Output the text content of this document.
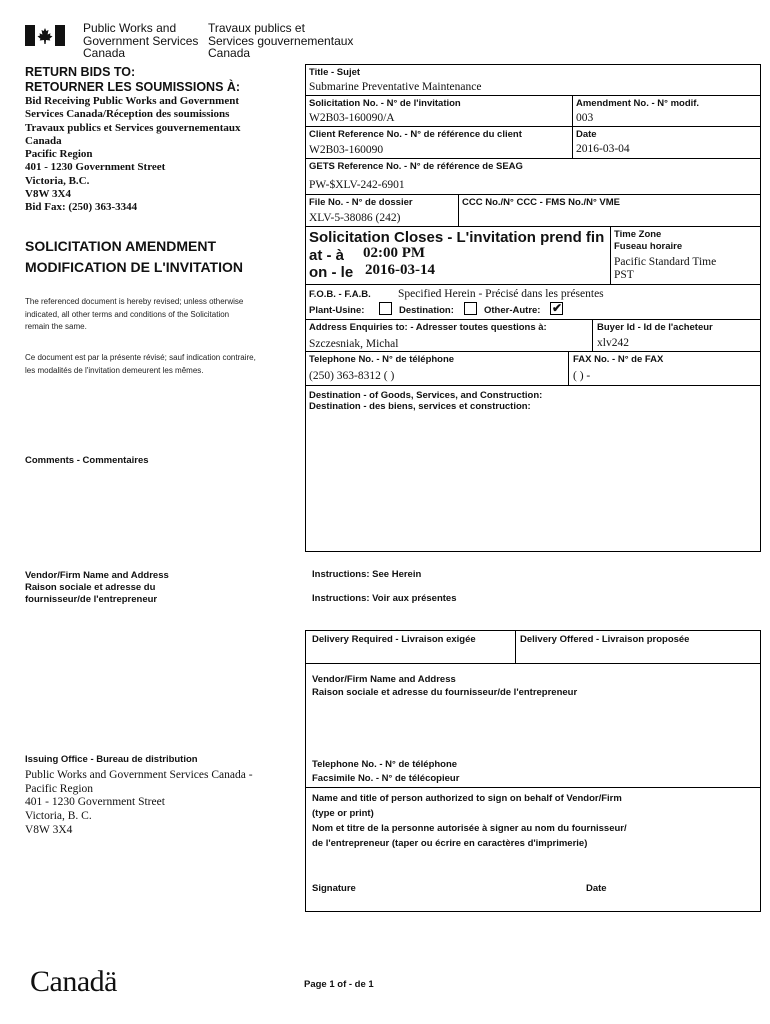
Public Works and
Government Services
Canada
Travaux publics et
Services gouvernementaux
Canada
RETURN BIDS TO:
RETOURNER LES SOUMISSIONS À:
Bid Receiving Public Works and Government
Services Canada/Réception des soumissions
Travaux publics et Services gouvernementaux
Canada
Pacific Region
401 - 1230 Government Street
Victoria, B.C.
V8W 3X4
Bid Fax: (250) 363-3344
SOLICITATION AMENDMENT
MODIFICATION DE L'INVITATION
The referenced document is hereby revised; unless otherwise
indicated, all other terms and conditions of the Solicitation
remain the same.
Ce document est par la présente révisé; sauf indication contraire,
les modalités de l'invitation demeurent les mêmes.
Comments - Commentaires
Vendor/Firm Name and Address
Raison sociale et adresse du
fournisseur/de l'entrepreneur
Issuing Office - Bureau de distribution
Public Works and Government Services Canada -
Pacific Region
401 - 1230 Government Street
Victoria, B. C.
V8W 3X4
Title - Sujet
Submarine Preventative Maintenance
Solicitation No. - N° de l'invitation
W2B03-160090/A
Amendment No. - N° modif.
003
Client Reference No. - N° de référence du client
W2B03-160090
Date
2016-03-04
GETS Reference No. - N° de référence de SEAG
PW-$XLV-242-6901
File No. - N° de dossier
XLV-5-38086 (242)
CCC No./N° CCC - FMS No./N° VME
Solicitation Closes - L'invitation prend fin
at - à 02:00 PM
on - le 2016-03-14
Time Zone
Fuseau horaire
Pacific Standard Time
PST
F.O.B. - F.A.B. Specified Herein - Précisé dans les présentes
Plant-Usine:	Destination:	Other-Autre: ✔
Address Enquiries to: - Adresser toutes questions à:
Szczesniak, Michal
Buyer Id - Id de l'acheteur
xlv242
Telephone No. - N° de téléphone
(250) 363-8312 ( )
FAX No. - N° de FAX
( ) -
Destination - of Goods, Services, and Construction:
Destination - des biens, services et construction:
Instructions: See Herein
Instructions: Voir aux présentes
Delivery Required - Livraison exigée	Delivery Offered - Livraison proposée
Vendor/Firm Name and Address
Raison sociale et adresse du fournisseur/de l'entrepreneur
Telephone No. - N° de téléphone
Facsimile No. - N° de télécopieur
Name and title of person authorized to sign on behalf of Vendor/Firm
(type or print)
Nom et titre de la personne autorisée à signer au nom du fournisseur/
de l'entrepreneur (taper ou écrire en caractères d'imprimerie)
Signature	Date
Canadä	Page 1 of - de 1
